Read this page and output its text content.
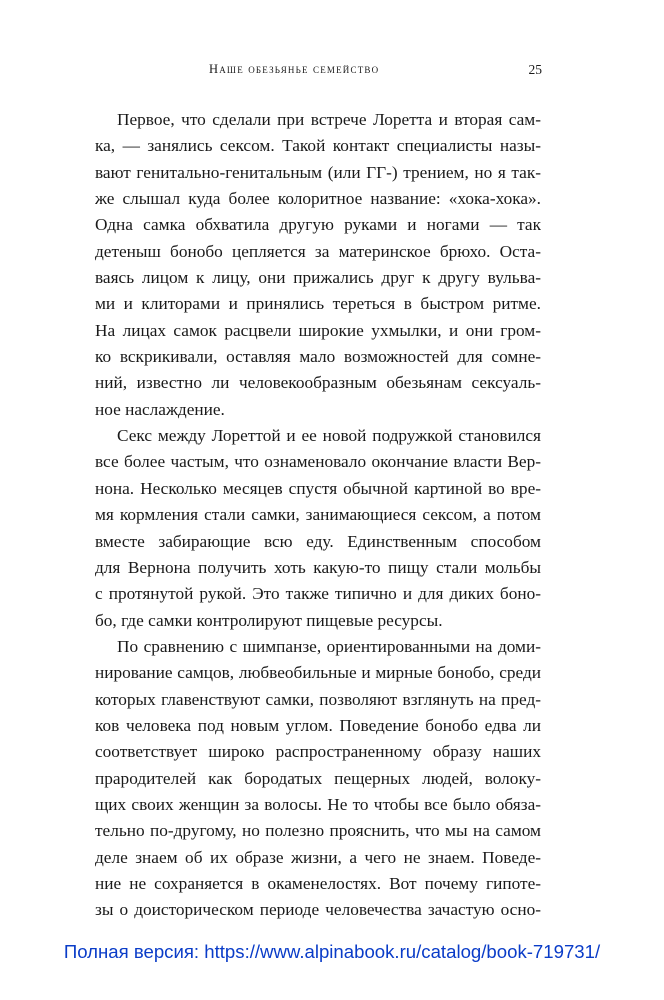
Наше обезьянье семейство	25

Первое, что сделали при встрече Лоретта и вторая сам-
ка, — занялись сексом. Такой контакт специалисты назы-
вают генитально-генитальным (или ГГ-) трением, но я так-
же слышал куда более колоритное название: «хока-хока».
Одна самка обхватила другую руками и ногами — так
детеныш бонобо цепляется за материнское брюхо. Оста-
ваясь лицом к лицу, они прижались друг к другу вульва-
ми и клиторами и принялись тереться в быстром ритме.
На лицах самок расцвели широкие ухмылки, и они гром-
ко вскрикивали, оставляя мало возможностей для сомне-
ний, известно ли человекообразным обезьянам сексуаль-
ное наслаждение.

Секс между Лореттой и ее новой подружкой становился
все более частым, что ознаменовало окончание власти Вер-
нона. Несколько месяцев спустя обычной картиной во вре-
мя кормления стали самки, занимающиеся сексом, а потом
вместе забирающие всю еду. Единственным способом
для Вернона получить хоть какую-то пищу стали мольбы
с протянутой рукой. Это также типично и для диких боно-
бо, где самки контролируют пищевые ресурсы.

По сравнению с шимпанзе, ориентированными на доми-
нирование самцов, любвеобильные и мирные бонобо, среди
которых главенствуют самки, позволяют взглянуть на пред-
ков человека под новым углом. Поведение бонобо едва ли
соответствует широко распространенному образу наших
прародителей как бородатых пещерных людей, волоку-
щих своих женщин за волосы. Не то чтобы все было обяза-
тельно по-другому, но полезно прояснить, что мы на самом
деле знаем об их образе жизни, а чего не знаем. Поведе-
ние не сохраняется в окаменелостях. Вот почему гипоте-
зы о доисторическом периоде человечества зачастую осно-

Полная версия: https://www.alpinabook.ru/catalog/book-719731/
